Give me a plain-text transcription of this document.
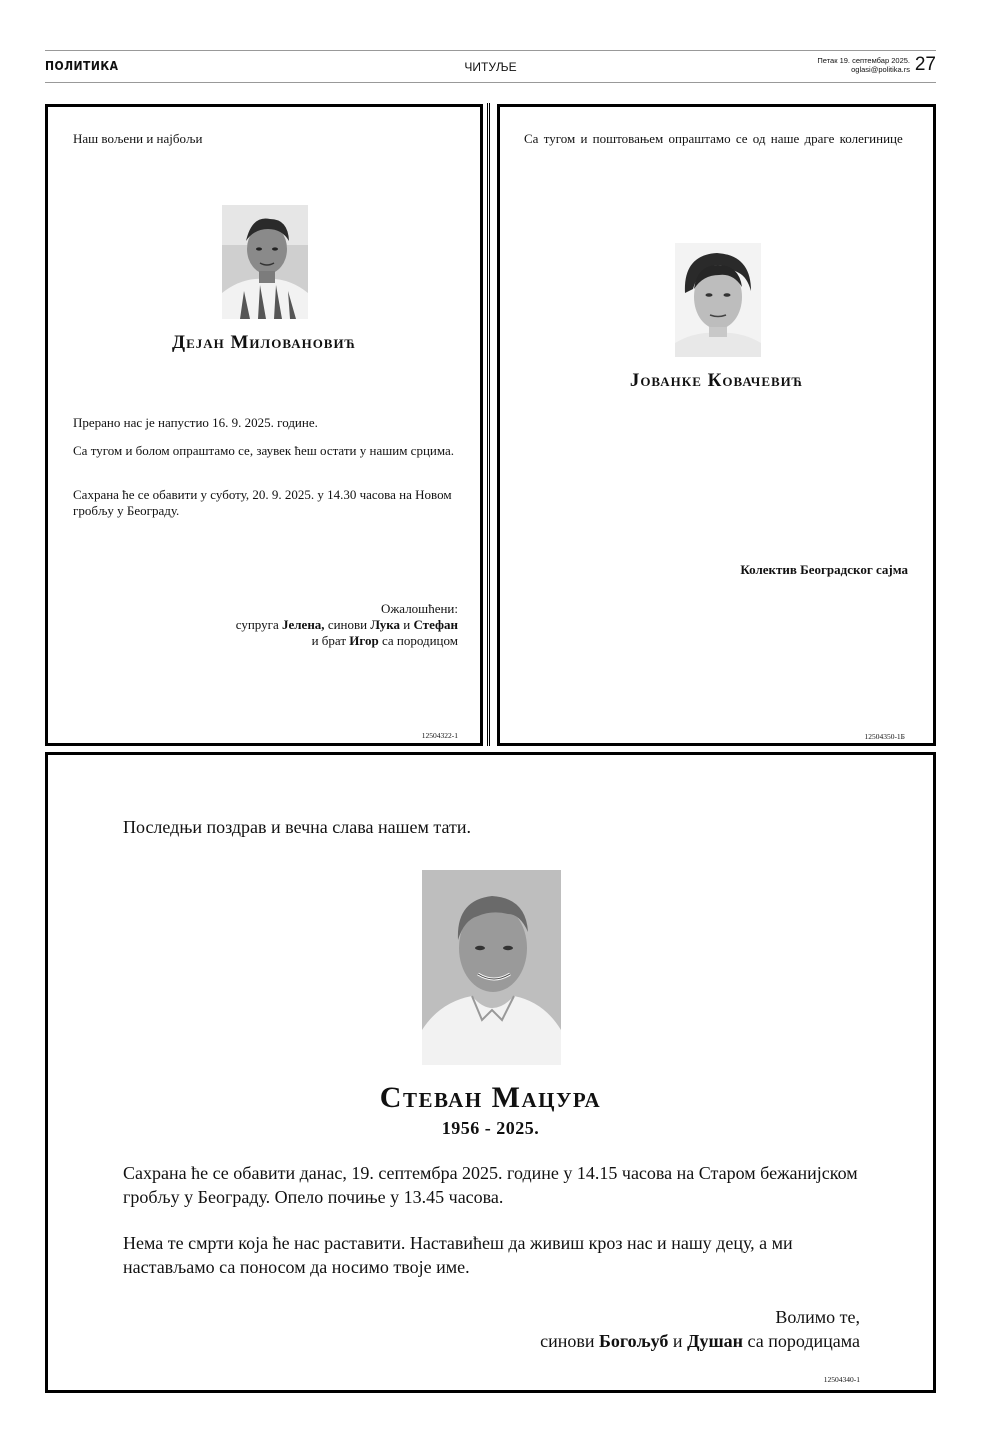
ПОЛИТИКА	ЧИТУЉЕ	Петак 19. септембар 2025.
oglasi@politika.rs 27

Наш вољени и најбољи

Дејан Миловановић

Прерано нас је напустио 16. 9. 2025. године.

Са тугом и болом опраштамо се, заувек ћеш остати у нашим срцима.

Сахрана ће се обавити у суботу, 20. 9. 2025. у 14.30 часова на Новом гробљу у Београду.

Ожалошћени:
супруга Јелена, синови Лука и Стефан
и брат Игор са породицом

12504322-1

Са тугом и поштовањем опраштамо се од наше драге колегинице

Јованке Ковачевић

Колектив Београдског сајма

12504350-1Б

Последњи поздрав и вечна слава нашем тати.

Стеван Мацура

1956 - 2025.

Сахрана ће се обавити данас, 19. септембра 2025. године у 14.15 часова на Старом бежанијском гробљу у Београду. Опело почиње у 13.45 часова.

Нема те смрти која ће нас раставити. Наставићеш да живиш кроз нас и нашу децу, а ми настављамо са поносом да носимо твоје име.

Волимо те,
синови Богољуб и Душан са породицама

12504340-1
